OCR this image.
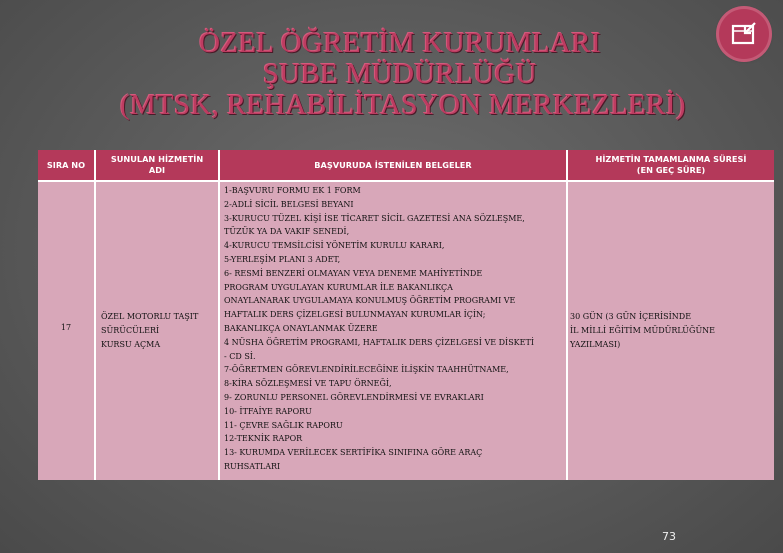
ÖZEL ÖĞRETİM KURUMLARI
ŞUBE MÜDÜRLÜĞÜ
(MTSK, REHABİLİTASYON MERKEZLERİ)
SIRA NO
SUNULAN HİZMETİN
ADI
BAŞVURUDA İSTENİLEN BELGELER
HİZMETİN TAMAMLANMA SÜRESİ
(EN GEÇ SÜRE)
17
ÖZEL MOTORLU TAŞIT
SÜRÜCÜLERİ
KURSU AÇMA
1-BAŞVURU FORMU EK 1 FORM
2-ADLİ SİCİL BELGESİ BEYANI
3-KURUCU TÜZEL KİŞİ İSE TİCARET SİCİL GAZETESİ ANA SÖZLEŞME,
TÜZÜK YA DA VAKIF SENEDİ,
4-KURUCU TEMSİLCİSİ YÖNETİM KURULU KARARI,
5-YERLEŞİM PLANI 3 ADET,
6- RESMİ BENZERİ OLMAYAN VEYA DENEME MAHİYETİNDE
PROGRAM UYGULAYAN KURUMLAR İLE BAKANLIKÇA
ONAYLANARAK UYGULAMAYA KONULMUŞ ÖĞRETİM PROGRAMI VE
HAFTALIK DERS ÇİZELGESİ BULUNMAYAN KURUMLAR İÇİN;
BAKANLIKÇA ONAYLANMAK ÜZERE
4 NÜSHA ÖĞRETİM PROGRAMI, HAFTALIK DERS ÇİZELGESİ VE DİSKETİ
- CD Sİ.
7-ÖĞRETMEN GÖREVLENDİRİLECEĞİNE İLİŞKİN TAAHHÜTNAME,
8-KİRA SÖZLEŞMESİ VE TAPU ÖRNEĞİ,
9- ZORUNLU PERSONEL GÖREVLENDİRMESİ VE EVRAKLARI
10- İTFAİYE RAPORU
11- ÇEVRE SAĞLIK RAPORU
12-TEKNİK RAPOR
13- KURUMDA VERİLECEK SERTİFİKA SINIFINA GÖRE ARAÇ
RUHSATLARI
30 GÜN (3 GÜN İÇERİSİNDE
İL MİLLİ EĞİTİM MÜDÜRLÜĞÜNE
YAZILMASI)
73
